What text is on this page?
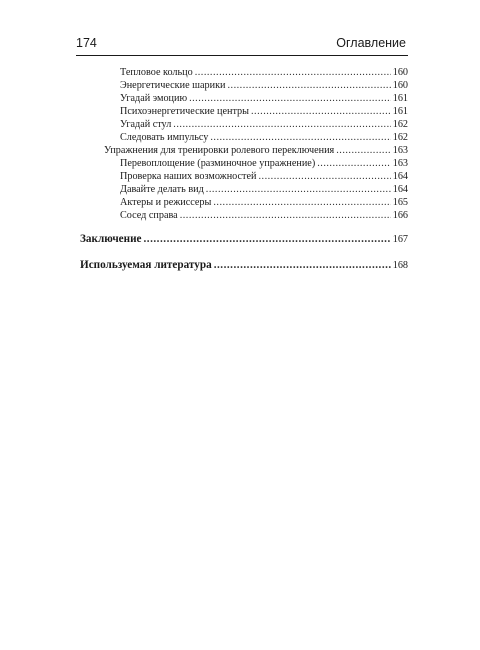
174	Оглавление
Тепловое кольцо .....	160
Энергетические шарики .....	160
Угадай эмоцию .....	161
Психоэнергетические центры .....	161
Угадай стул .....	162
Следовать импульсу .....	162
Упражнения для тренировки ролевого переключения .....	163
Перевоплощение (разминочное упражнение) .....	163
Проверка наших возможностей .....	164
Давайте делать вид .....	164
Актеры и режиссеры .....	165
Сосед справа .....	166
Заключение .....	167
Используемая литература .....	168
